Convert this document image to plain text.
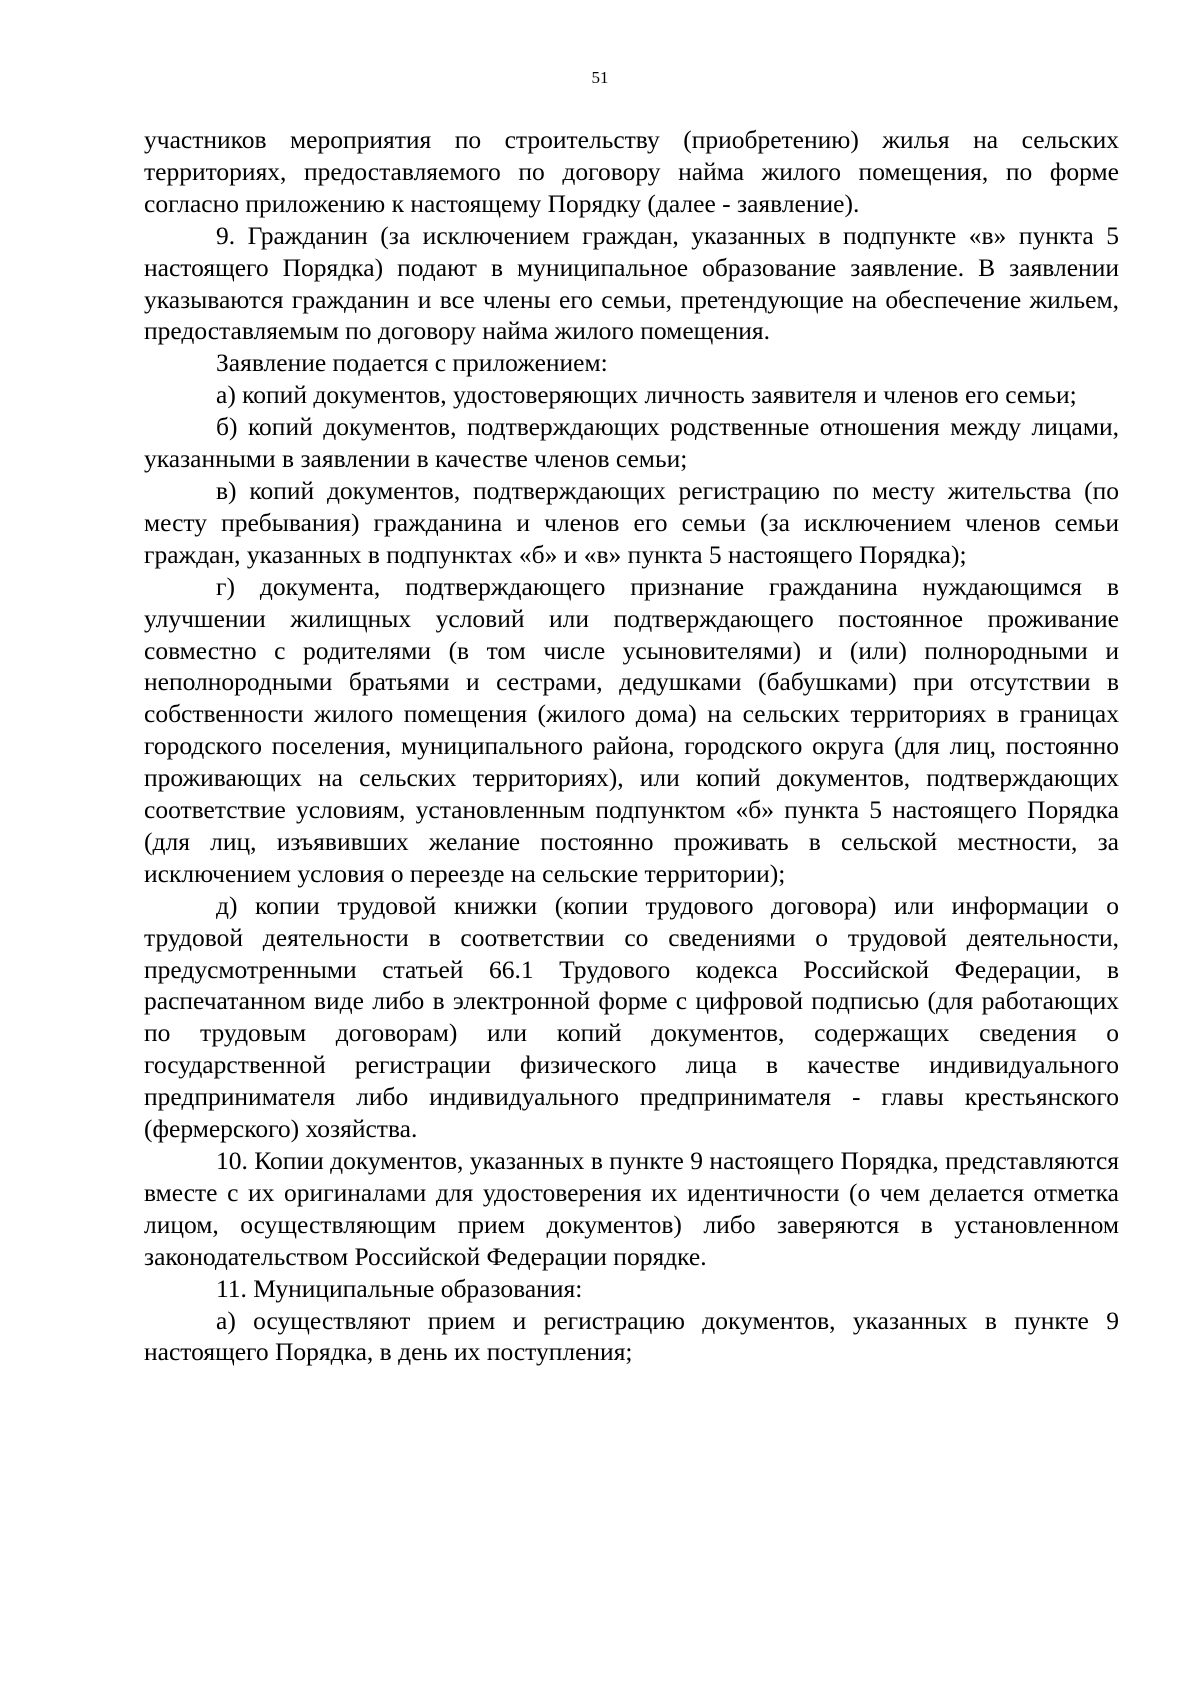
51

участников мероприятия по строительству (приобретению) жилья на сельских территориях, предоставляемого по договору найма жилого помещения, по форме согласно приложению к настоящему Порядку (далее - заявление).

9. Гражданин (за исключением граждан, указанных в подпункте «в» пункта 5 настоящего Порядка) подают в муниципальное образование заявление. В заявлении указываются гражданин и все члены его семьи, претендующие на обеспечение жильем, предоставляемым по договору найма жилого помещения.

Заявление подается с приложением:

а) копий документов, удостоверяющих личность заявителя и членов его семьи;

б) копий документов, подтверждающих родственные отношения между лицами, указанными в заявлении в качестве членов семьи;

в) копий документов, подтверждающих регистрацию по месту жительства (по месту пребывания) гражданина и членов его семьи (за исключением членов семьи граждан, указанных в подпунктах «б» и «в» пункта 5 настоящего Порядка);

г) документа, подтверждающего признание гражданина нуждающимся в улучшении жилищных условий или подтверждающего постоянное проживание совместно с родителями (в том числе усыновителями) и (или) полнородными и неполнородными братьями и сестрами, дедушками (бабушками) при отсутствии в собственности жилого помещения (жилого дома) на сельских территориях в границах городского поселения, муниципального района, городского округа (для лиц, постоянно проживающих на сельских территориях), или копий документов, подтверждающих соответствие условиям, установленным подпунктом «б» пункта 5 настоящего Порядка (для лиц, изъявивших желание постоянно проживать в сельской местности, за исключением условия о переезде на сельские территории);

д) копии трудовой книжки (копии трудового договора) или информации о трудовой деятельности в соответствии со сведениями о трудовой деятельности, предусмотренными статьей 66.1 Трудового кодекса Российской Федерации, в распечатанном виде либо в электронной форме с цифровой подписью (для работающих по трудовым договорам) или копий документов, содержащих сведения о государственной регистрации физического лица в качестве индивидуального предпринимателя либо индивидуального предпринимателя - главы крестьянского (фермерского) хозяйства.

10. Копии документов, указанных в пункте 9 настоящего Порядка, представляются вместе с их оригиналами для удостоверения их идентичности (о чем делается отметка лицом, осуществляющим прием документов) либо заверяются в установленном законодательством Российской Федерации порядке.

11. Муниципальные образования:

а) осуществляют прием и регистрацию документов, указанных в пункте 9 настоящего Порядка, в день их поступления;
